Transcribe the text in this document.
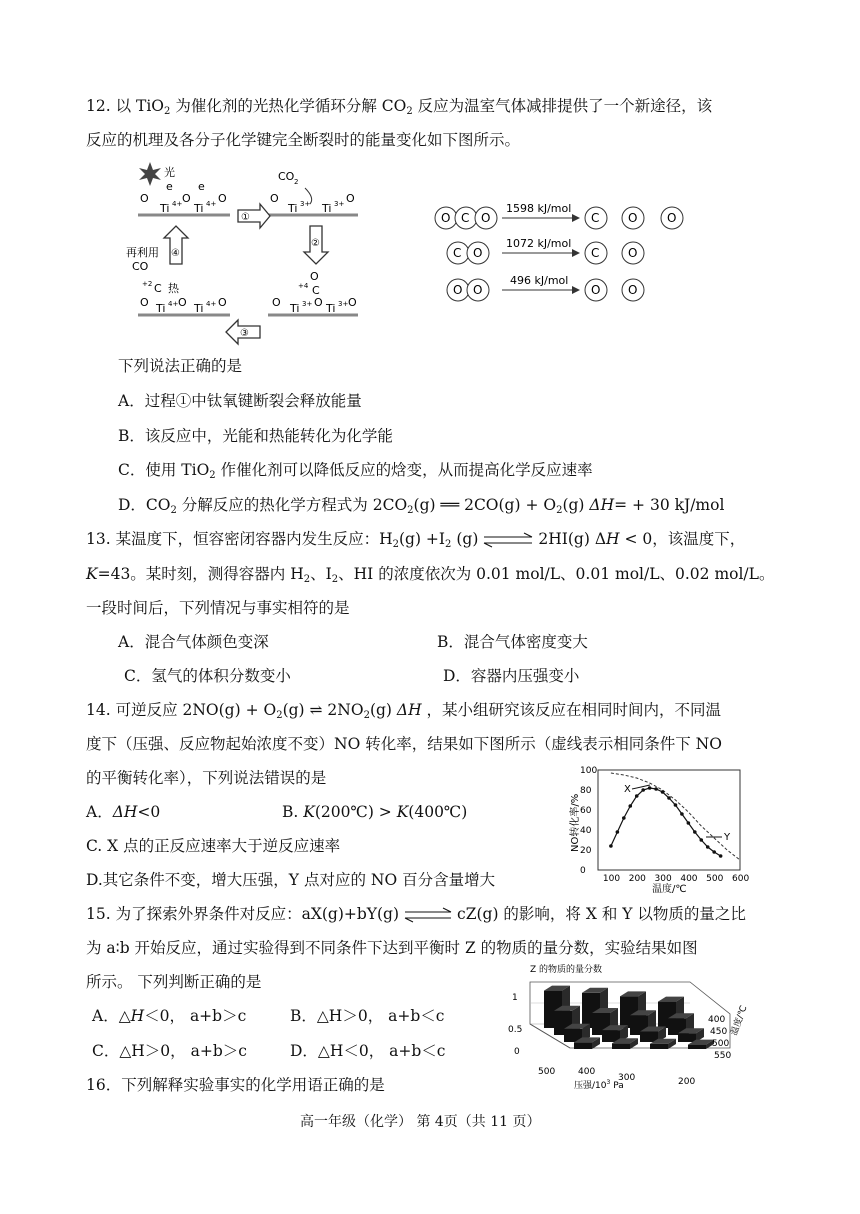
12. 以 TiO$_2$ 为催化剂的光热化学循环分解 $CO_2$ 反应为温室气体减排提供了一个新途径，该
反应的机理及各分子化学键完全断裂时的能量变化如下图所示。
光
O
Ti 4+ O
Ti 4+ O
e e
①
CO 2
O
Ti 3+ Ti 3+ O
②
O
C
+4
O Ti 3+ O Ti 3+ O
③
再利用
CO
C
+2 热
O Ti 4+ O Ti 4+ O
④
O C O
1598 kJ/mol
C O O
C O
1072 kJ/mol
C O
O O
496 kJ/mol
O O
下列说法正确的是
A．过程①中钛氧键断裂会释放能量
B．该反应中，光能和热能转化为化学能
C．使用 TiO$_2$ 作催化剂可以降低反应的焓变，从而提高化学反应速率
D．$CO_2$ 分解反应的热化学方程式为 $2CO_2(g)$ ══ $2CO(g) + O_2(g) \Delta H= + 30$ kJ/mol
13. 某温度下，恒容密闭容器内发生反应：$H_2(g) +I_2$ (g)⇌2HI(g) ΔH < 0，该温度下，
K=43。某时刻，测得容器内 $H_2$、$I_2$、HI 的浓度依次为 0.01 mol/L、0.01 mol/L、0.02 mol/L。
一段时间后，下列情况与事实相符的是
A．混合气体颜色变深	B．混合气体密度变大
C．氢气的体积分数变小	D．容器内压强变小
14. 可逆反应 $2NO(g) + O_2(g)$ ⇌ $2NO_2(g)$ ΔH ，某小组研究该反应在相同时间内，不同温
度下（压强、反应物起始浓度不变）NO 转化率，结果如下图所示（虚线表示相同条件下 NO
的平衡转化率），下列说法错误的是
A．ΔH<0	B. K(200℃) > K(400℃)
C. X 点的正反应速率大于逆反应速率
D.其它条件不变，增大压强，Y 点对应的 NO 百分含量增大	0
20
40
60
80
100
100 200 300 400 500 600
NO转化率/%
温度/℃
X
Y
15. 为了探索外界条件对反应：aX(g)+bY(g)⇌cZ(g) 的影响，将 X 和 Y 以物质的量之比
为 a∶b 开始反应，通过实验得到不同条件下达到平衡时 Z 的物质的量分数，实验结果如图
所示。 下列判断正确的是
A．△H＜0， a+b＞c	B．△H＞0， a+b＜c
C．△H＞0， a+b＞c	D．△H＜0， a+b＜c
Z 的物质的量分数
1
0.5
0
500	400
300	200
400
450
500
550
压强$/10^3$ Pa
温度/℃
16．下列解释实验事实的化学用语正确的是
高一年级（化学） 第 4页（共 11 页）
